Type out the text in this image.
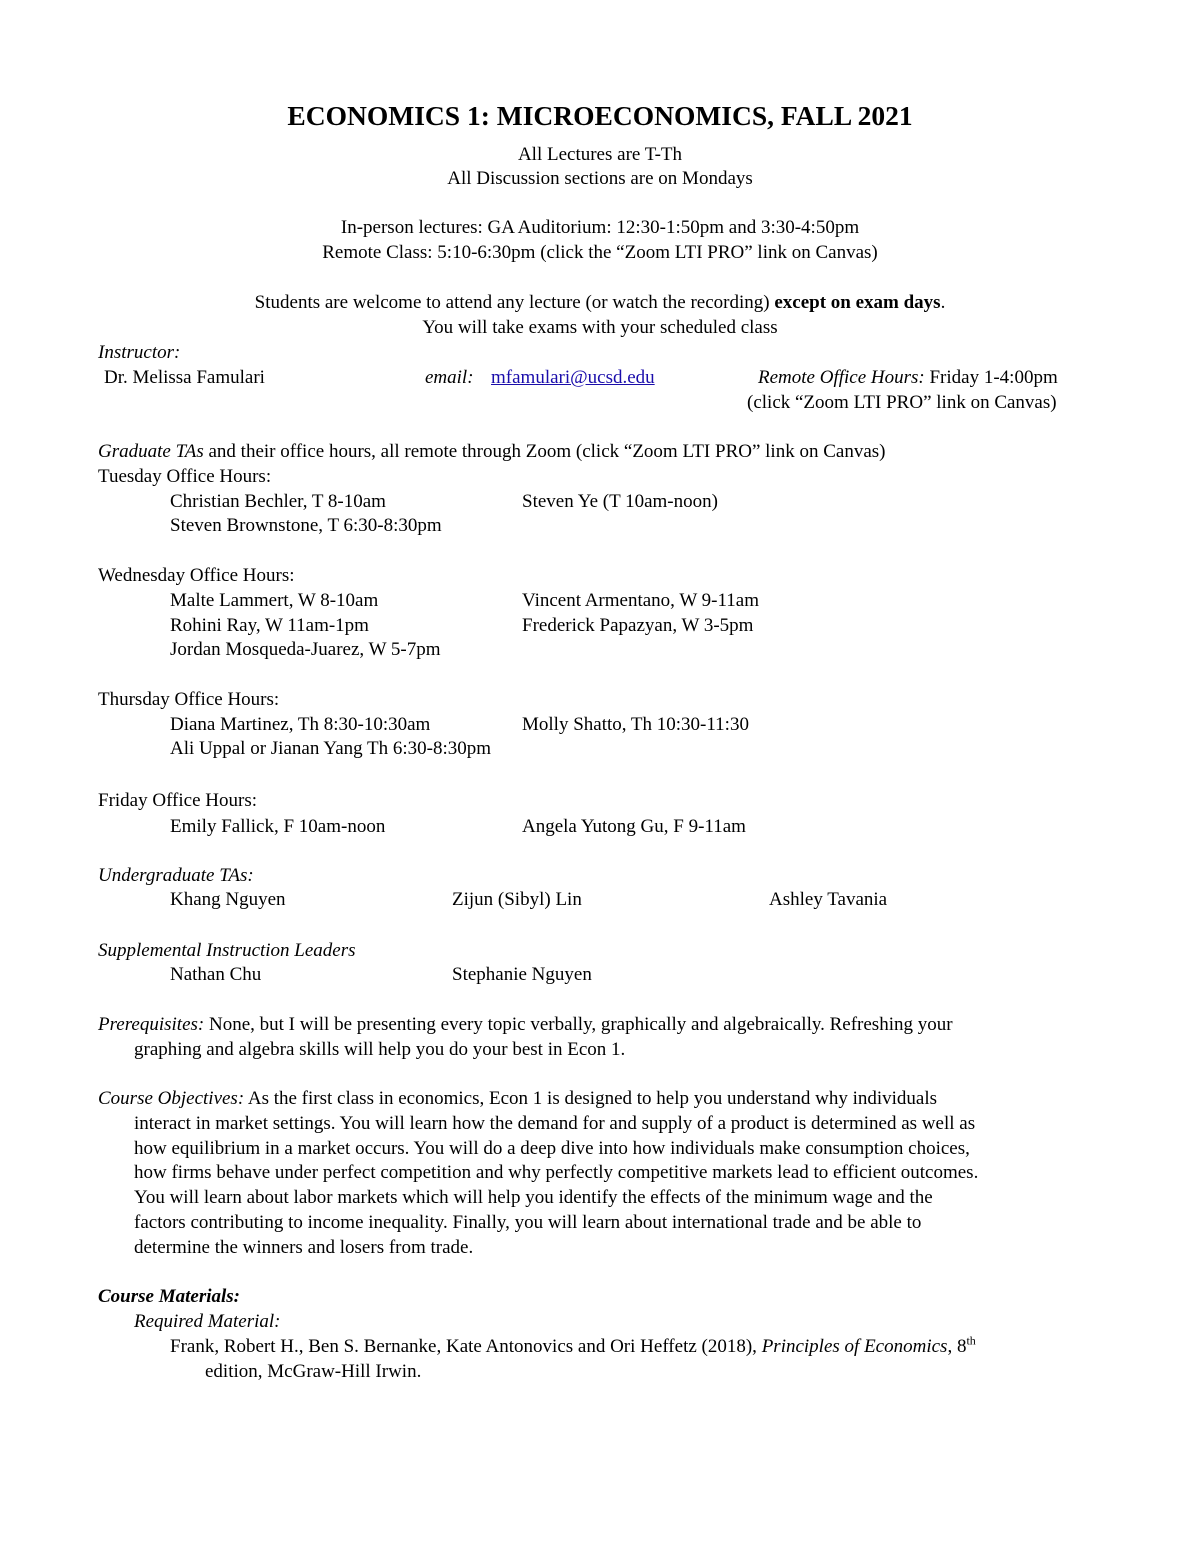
ECONOMICS 1: MICROECONOMICS, FALL 2021
All Lectures are T-Th
All Discussion sections are on Mondays
In-person lectures: GA Auditorium: 12:30-1:50pm and 3:30-4:50pm
Remote Class: 5:10-6:30pm (click the “Zoom LTI PRO” link on Canvas)
Students are welcome to attend any lecture (or watch the recording) except on exam days.
You will take exams with your scheduled class
Instructor:
Dr. Melissa Famulari	email: mfamulari@ucsd.edu	Remote Office Hours: Friday 1-4:00pm
(click “Zoom LTI PRO” link on Canvas)
Graduate TAs and their office hours, all remote through Zoom (click “Zoom LTI PRO” link on Canvas)
Tuesday Office Hours:
Christian Bechler, T 8-10am	Steven Ye (T 10am-noon)
Steven Brownstone, T 6:30-8:30pm
Wednesday Office Hours:
Malte Lammert, W 8-10am	Vincent Armentano, W 9-11am
Rohini Ray, W 11am-1pm	Frederick Papazyan, W 3-5pm
Jordan Mosqueda-Juarez, W 5-7pm
Thursday Office Hours:
Diana Martinez, Th 8:30-10:30am	Molly Shatto, Th 10:30-11:30
Ali Uppal or Jianan Yang Th 6:30-8:30pm
Friday Office Hours:
Emily Fallick, F 10am-noon	Angela Yutong Gu, F 9-11am
Undergraduate TAs:
Khang Nguyen	Zijun (Sibyl) Lin	Ashley Tavania
Supplemental Instruction Leaders
Nathan Chu	Stephanie Nguyen
Prerequisites: None, but I will be presenting every topic verbally, graphically and algebraically. Refreshing your
graphing and algebra skills will help you do your best in Econ 1.
Course Objectives: As the first class in economics, Econ 1 is designed to help you understand why individuals
interact in market settings. You will learn how the demand for and supply of a product is determined as well as
how equilibrium in a market occurs. You will do a deep dive into how individuals make consumption choices,
how firms behave under perfect competition and why perfectly competitive markets lead to efficient outcomes.
You will learn about labor markets which will help you identify the effects of the minimum wage and the
factors contributing to income inequality. Finally, you will learn about international trade and be able to
determine the winners and losers from trade.
Course Materials:
Required Material:
Frank, Robert H., Ben S. Bernanke, Kate Antonovics and Ori Heffetz (2018), Principles of Economics, 8th
edition, McGraw-Hill Irwin.
